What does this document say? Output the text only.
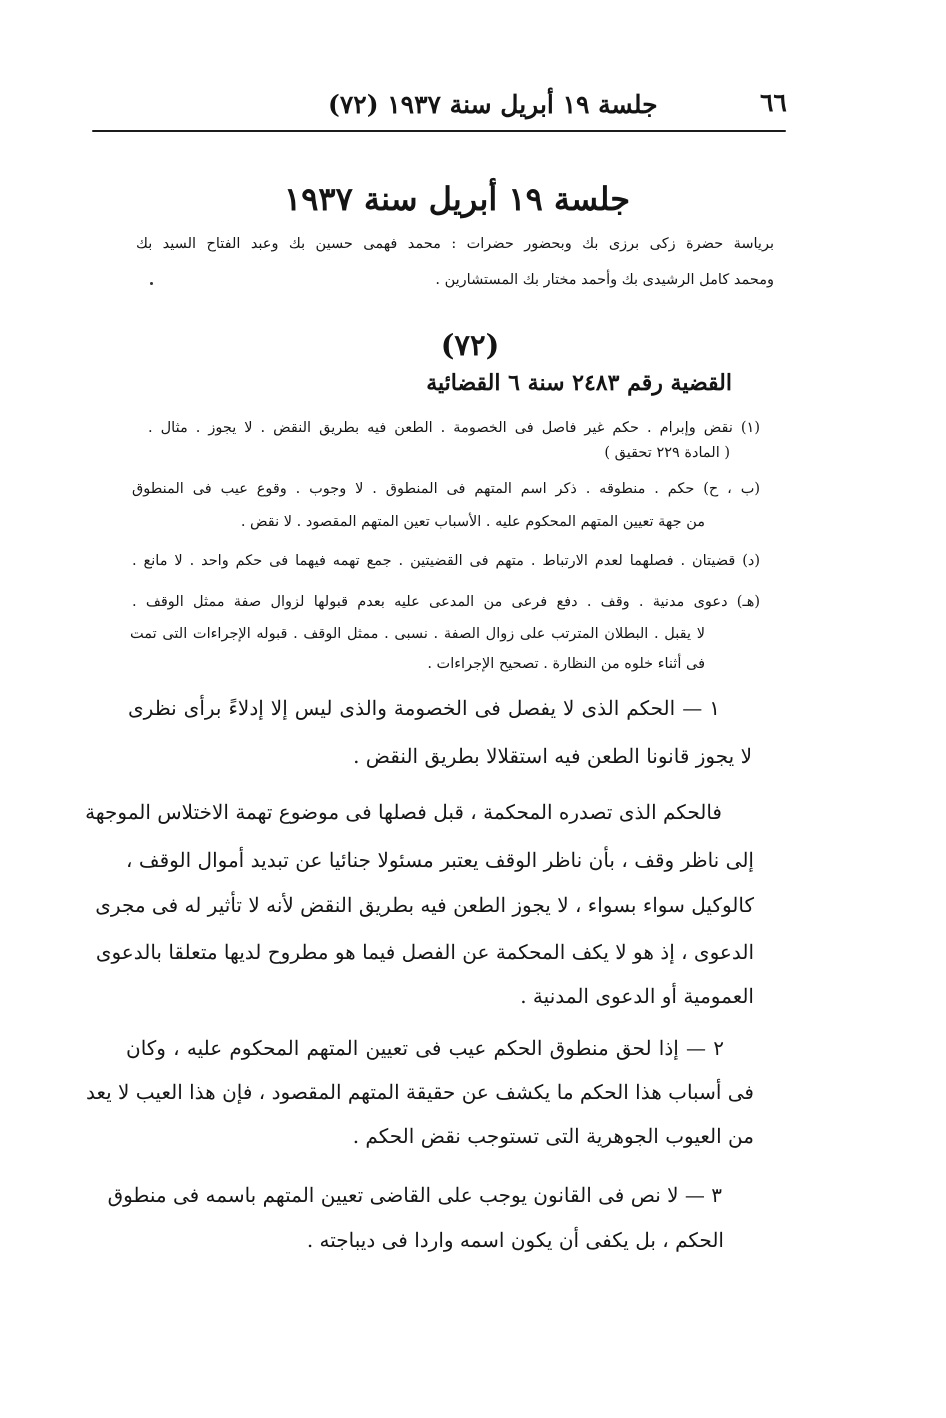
٦٦
جلسة ١٩ أبريل سنة ١٩٣٧ (٧٢)
جلسة ١٩ أبريل سنة ١٩٣٧
برياسة حضرة زكى برزى بك وبحضور حضرات : محمد فهمى حسين بك وعبد الفتاح السيد بك
ومحمد كامل الرشيدى بك وأحمد مختار بك المستشارين .
(٧٢)
القضية رقم ٢٤٨٣ سنة ٦ القضائية
(١) نقض وإبرام . حكم غير فاصل فى الخصومة . الطعن فيه بطريق النقض . لا يجوز . مثال .
( المادة ٢٢٩ تحقيق )
(ب ، ح) حكم . منطوقه . ذكر اسم المتهم فى المنطوق . لا وجوب . وقوع عيب فى المنطوق
من جهة تعيين المتهم المحكوم عليه . الأسباب تعين المتهم المقصود . لا نقض .
(د) قضيتان . فصلهما لعدم الارتباط . متهم فى القضيتين . جمع تهمه فيهما فى حكم واحد . لا مانع .
(هـ) دعوى مدنية . وقف . دفع فرعى من المدعى عليه بعدم قبولها لزوال صفة ممثل الوقف .
لا يقبل . البطلان المترتب على زوال الصفة . نسبى . ممثل الوقف . قبوله الإجراءات التى تمت
فى أثناء خلوه من النظارة . تصحيح الإجراءات .
١ — الحكم الذى لا يفصل فى الخصومة والذى ليس إلا إدلاءً برأى نظرى
لا يجوز قانونا الطعن فيه استقلالا بطريق النقض .
فالحكم الذى تصدره المحكمة ، قبل فصلها فى موضوع تهمة الاختلاس الموجهة
إلى ناظر وقف ، بأن ناظر الوقف يعتبر مسئولا جنائيا عن تبديد أموال الوقف ،
كالوكيل سواء بسواء ، لا يجوز الطعن فيه بطريق النقض لأنه لا تأثير له فى مجرى
الدعوى ، إذ هو لا يكف المحكمة عن الفصل فيما هو مطروح لديها متعلقا بالدعوى
العمومية أو الدعوى المدنية .
٢ — إذا لحق منطوق الحكم عيب فى تعيين المتهم المحكوم عليه ، وكان
فى أسباب هذا الحكم ما يكشف عن حقيقة المتهم المقصود ، فإن هذا العيب لا يعد
من العيوب الجوهرية التى تستوجب نقض الحكم .
٣ — لا نص فى القانون يوجب على القاضى تعيين المتهم باسمه فى منطوق
الحكم ، بل يكفى أن يكون اسمه واردا فى ديباجته .
